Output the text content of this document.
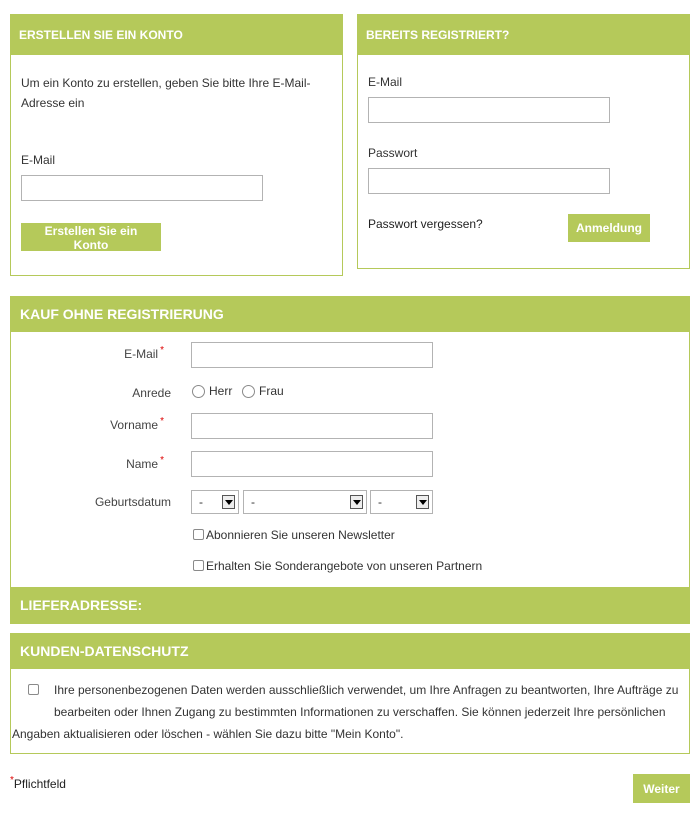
ERSTELLEN SIE EIN KONTO
Um ein Konto zu erstellen, geben Sie bitte Ihre E-Mail-Adresse ein
E-Mail
Erstellen Sie ein Konto
BEREITS REGISTRIERT?
E-Mail
Passwort
Passwort vergessen?	Anmeldung
KAUF OHNE REGISTRIERUNG
E-Mail *
Anrede	Herr Frau
Vorname *
Name *
Geburtsdatum -	-	-
Abonnieren Sie unseren Newsletter
Erhalten Sie Sonderangebote von unseren Partnern
LIEFERADRESSE:
KUNDEN-DATENSCHUTZ
Ihre personenbezogenen Daten werden ausschließlich verwendet, um Ihre Anfragen zu beantworten, Ihre Aufträge zu
bearbeiten oder Ihnen Zugang zu bestimmten Informationen zu verschaffen. Sie können jederzeit Ihre persönlichen
Angaben aktualisieren oder löschen - wählen Sie dazu bitte "Mein Konto".
*Pflichtfeld	Weiter
